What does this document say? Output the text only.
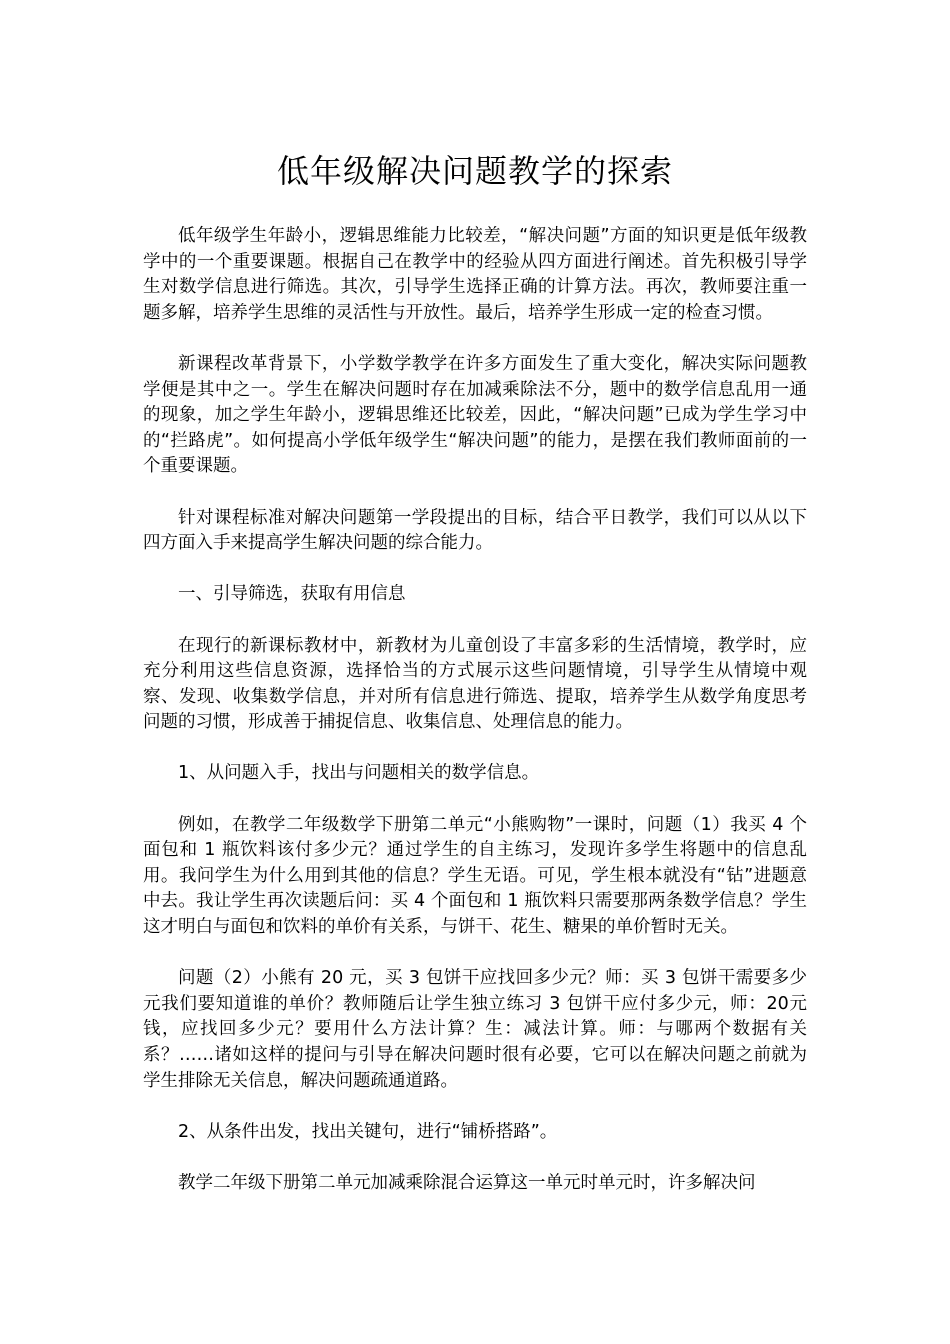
低年级解决问题教学的探索

低年级学生年龄小，逻辑思维能力比较差，“解决问题”方面的知识更是低年级教学中的一个重要课题。根据自己在教学中的经验从四方面进行阐述。首先积极引导学生对数学信息进行筛选。其次，引导学生选择正确的计算方法。再次，教师要注重一题多解，培养学生思维的灵活性与开放性。最后，培养学生形成一定的检查习惯。

新课程改革背景下，小学数学教学在许多方面发生了重大变化，解决实际问题教学便是其中之一。学生在解决问题时存在加减乘除法不分，题中的数学信息乱用一通的现象，加之学生年龄小，逻辑思维还比较差，因此，“解决问题”已成为学生学习中的“拦路虎”。如何提高小学低年级学生“解决问题”的能力，是摆在我们教师面前的一个重要课题。

针对课程标准对解决问题第一学段提出的目标，结合平日教学，我们可以从以下四方面入手来提高学生解决问题的综合能力。

一、引导筛选，获取有用信息

在现行的新课标教材中，新教材为儿童创设了丰富多彩的生活情境，教学时，应充分利用这些信息资源，选择恰当的方式展示这些问题情境，引导学生从情境中观察、发现、收集数学信息，并对所有信息进行筛选、提取，培养学生从数学角度思考问题的习惯，形成善于捕捉信息、收集信息、处理信息的能力。

1、从问题入手，找出与问题相关的数学信息。

例如，在教学二年级数学下册第二单元“小熊购物”一课时，问题（1）我买 4 个面包和 1 瓶饮料该付多少元？通过学生的自主练习，发现许多学生将题中的信息乱用。我问学生为什么用到其他的信息？学生无语。可见，学生根本就没有“钻”进题意中去。我让学生再次读题后问：买 4 个面包和 1 瓶饮料只需要那两条数学信息？学生这才明白与面包和饮料的单价有关系，与饼干、花生、糖果的单价暂时无关。

问题（2）小熊有 20 元，买 3 包饼干应找回多少元？师：买 3 包饼干需要多少元我们要知道谁的单价？教师随后让学生独立练习 3 包饼干应付多少元，师：20元钱，应找回多少元？要用什么方法计算？生：减法计算。师：与哪两个数据有关系？……诸如这样的提问与引导在解决问题时很有必要，它可以在解决问题之前就为学生排除无关信息，解决问题疏通道路。

2、从条件出发，找出关键句，进行“铺桥搭路”。

教学二年级下册第二单元加减乘除混合运算这一单元时单元时，许多解决问
